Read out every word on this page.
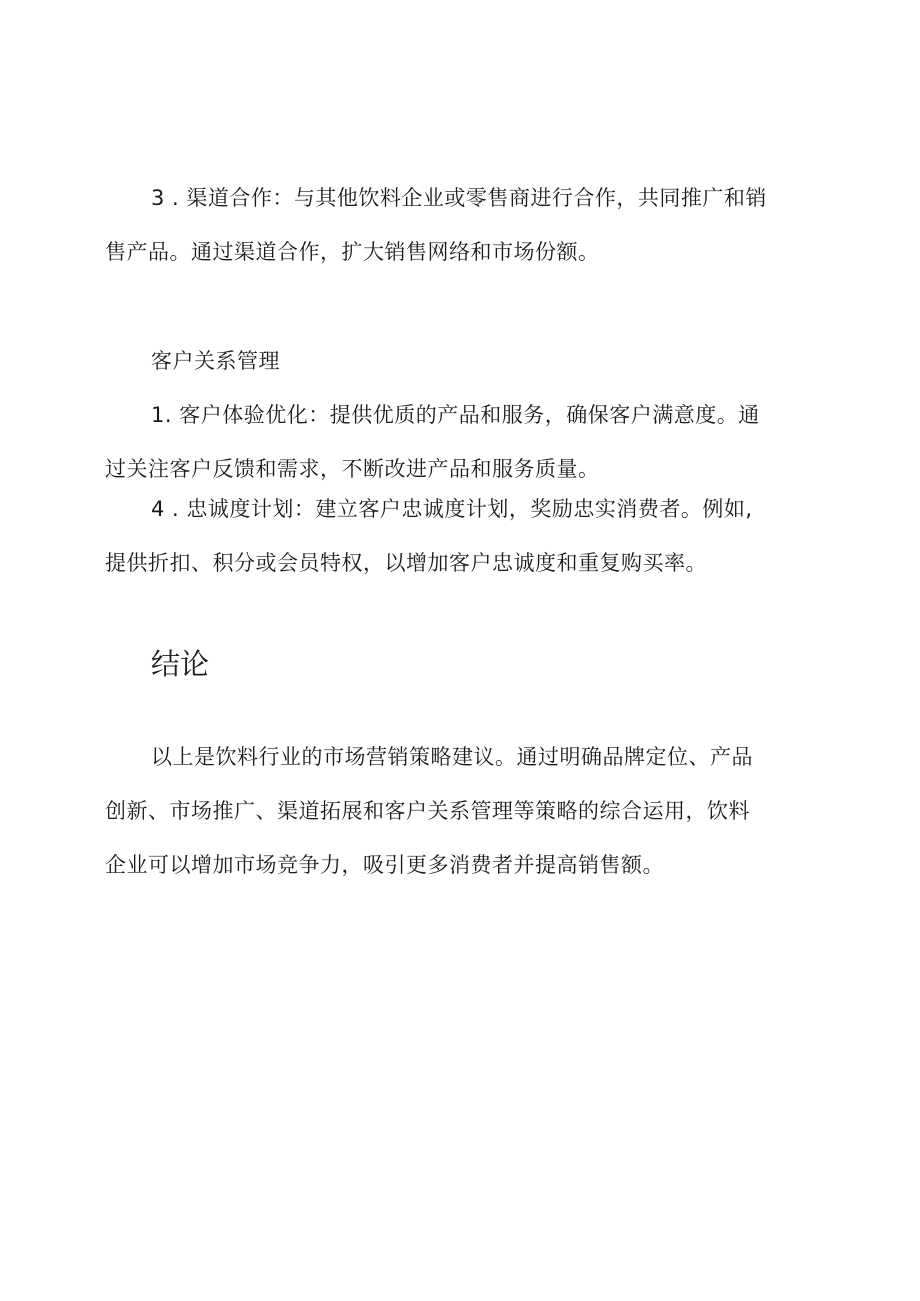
3 . 渠道合作：与其他饮料企业或零售商进行合作，共同推广和销
售产品。通过渠道合作，扩大销售网络和市场份额。

客户关系管理

1. 客户体验优化：提供优质的产品和服务，确保客户满意度。通
过关注客户反馈和需求，不断改进产品和服务质量。
4 . 忠诚度计划：建立客户忠诚度计划，奖励忠实消费者。例如,
提供折扣、积分或会员特权，以增加客户忠诚度和重复购买率。
结论
以上是饮料行业的市场营销策略建议。通过明确品牌定位、产品
创新、市场推广、渠道拓展和客户关系管理等策略的综合运用，饮料
企业可以增加市场竞争力，吸引更多消费者并提高销售额。
